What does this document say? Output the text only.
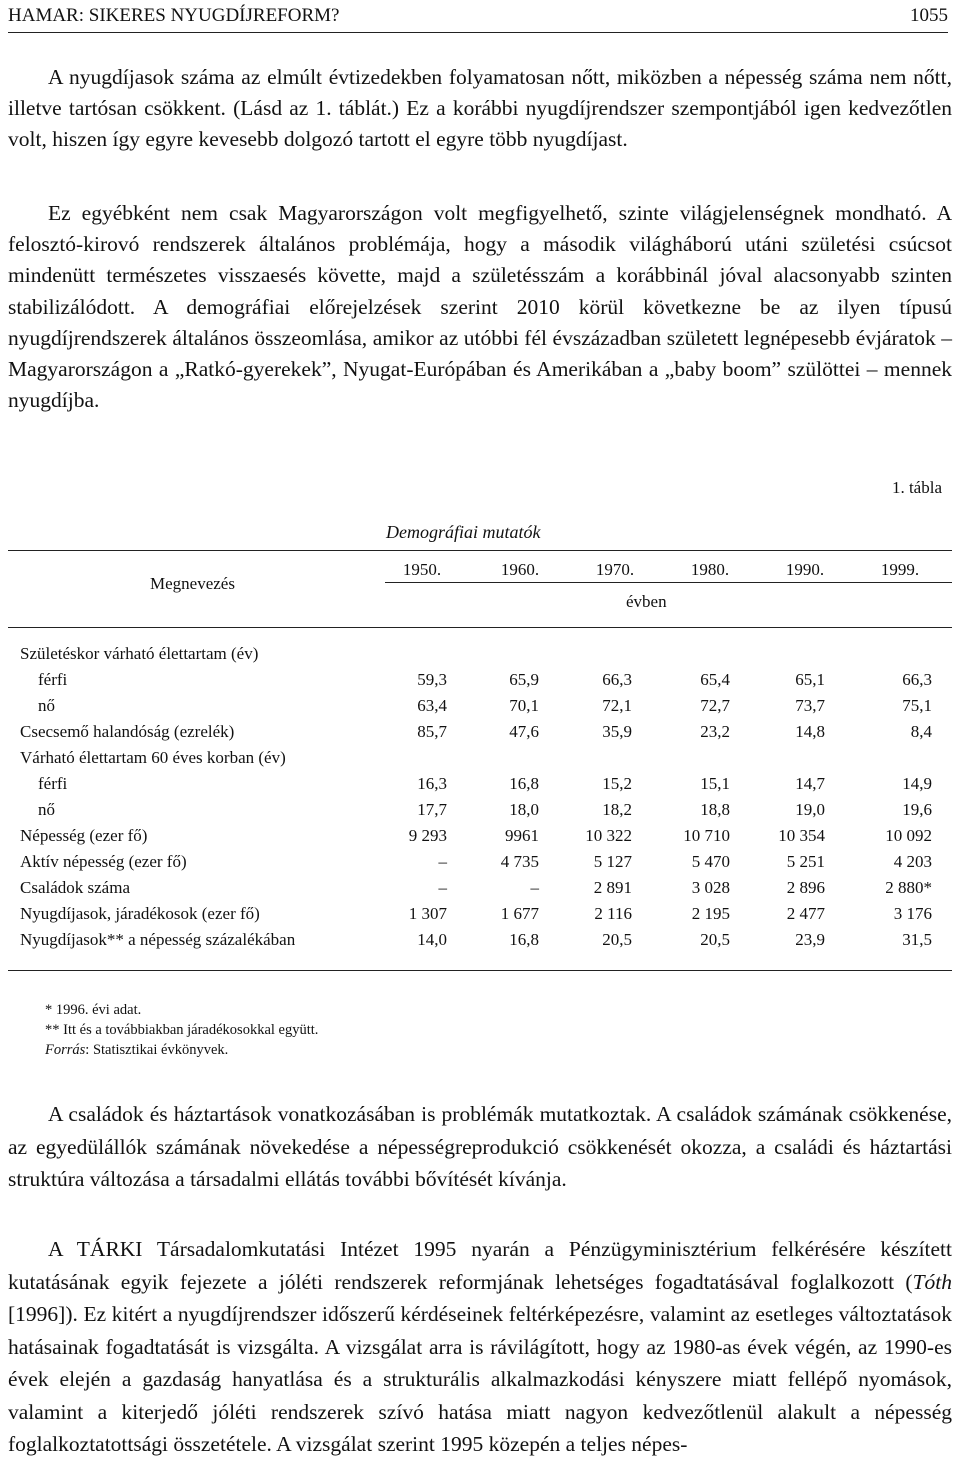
HAMAR: SIKERES NYUGDÍJREFORM?	1055

A nyugdíjasok száma az elmúlt évtizedekben folyamatosan nőtt, miközben a népesség száma nem nőtt, illetve tartósan csökkent. (Lásd az 1. táblát.) Ez a korábbi nyugdíjrendszer szempontjából igen kedvezőtlen volt, hiszen így egyre kevesebb dolgozó tartott el egyre több nyugdíjast.

Ez egyébként nem csak Magyarországon volt megfigyelhető, szinte világjelenségnek mondható. A felosztó-kirovó rendszerek általános problémája, hogy a második világháború utáni születési csúcsot mindenütt természetes visszaesés követte, majd a születésszám a korábbinál jóval alacsonyabb szinten stabilizálódott. A demográfiai előrejelzések szerint 2010 körül következne be az ilyen típusú nyugdíjrendszerek általános összeomlása, amikor az utóbbi fél évszázadban született legnépesebb évjáratok – Magyarországon a „Ratkó-gyerekek”, Nyugat-Európában és Amerikában a „baby boom” szülöttei – mennek nyugdíjba.

1. tábla
Demográfiai mutatók
Megnevezés
1950.	1960.	1970.	1980.	1990.	1999.
évben
Születéskor várható élettartam (év)
férfi	59,3	65,9	66,3	65,4	65,1	66,3
nő	63,4	70,1	72,1	72,7	73,7	75,1
Csecsemő halandóság (ezrelék)	85,7	47,6	35,9	23,2	14,8	8,4
Várható élettartam 60 éves korban (év)
férfi	16,3	16,8	15,2	15,1	14,7	14,9
nő	17,7	18,0	18,2	18,8	19,0	19,6
Népesség (ezer fő)	9 293	9961	10 322	10 710	10 354	10 092
Aktív népesség (ezer fő)	–	4 735	5 127	5 470	5 251	4 203
Családok száma	–	–	2 891	3 028	2 896	2 880*
Nyugdíjasok, járadékosok (ezer fő)	1 307	1 677	2 116	2 195	2 477	3 176
Nyugdíjasok** a népesség százalékában	14,0	16,8	20,5	20,5	23,9	31,5
* 1996. évi adat.
** Itt és a továbbiakban járadékosokkal együtt.
Forrás: Statisztikai évkönyvek.

A családok és háztartások vonatkozásában is problémák mutatkoztak. A családok számának csökkenése, az egyedülállók számának növekedése a népességreprodukció csökkenését okozza, a családi és háztartási struktúra változása a társadalmi ellátás további bővítését kívánja.

A TÁRKI Társadalomkutatási Intézet 1995 nyarán a Pénzügyminisztérium felkérésére készített kutatásának egyik fejezete a jóléti rendszerek reformjának lehetséges fogadtatásával foglalkozott (Tóth [1996]). Ez kitért a nyugdíjrendszer időszerű kérdéseinek feltérképezésre, valamint az esetleges változtatások hatásainak fogadtatását is vizsgálta. A vizsgálat arra is rávilágított, hogy az 1980-as évek végén, az 1990-es évek elején a gazdaság hanyatlása és a strukturális alkalmazkodási kényszere miatt fellépő nyomások, valamint a kiterjedő jóléti rendszerek szívó hatása miatt nagyon kedvezőtlenül alakult a népesség foglalkoztatottsági összetétele. A vizsgálat szerint 1995 közepén a teljes népes-
